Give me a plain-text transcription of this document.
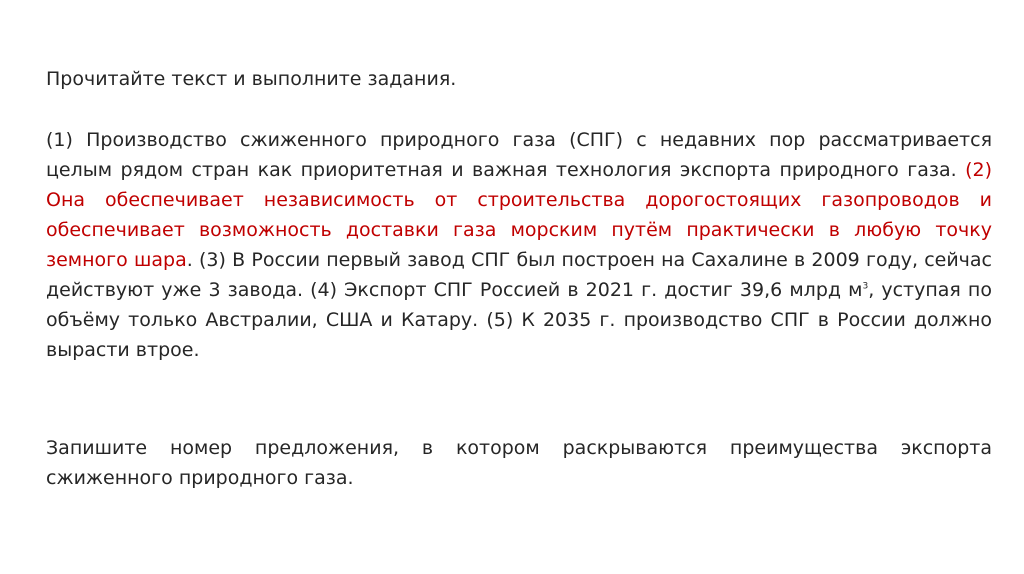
Прочитайте текст и выполните задания.
(1) Производство сжиженного природного газа (СПГ) с недавних пор рассматривается целым рядом стран как приоритетная и важная технология экспорта природного газа. (2) Она обеспечивает независимость от строительства дорогостоящих газопроводов и обеспечивает возможность доставки газа морским путём практически в любую точку земного шара. (3) В России первый завод СПГ был построен на Сахалине в 2009 году, сейчас действуют уже 3 завода. (4) Экспорт СПГ Россией в 2021 г. достиг 39,6 млрд $м^3$, уступая по объёму только Австралии, США и Катару. (5) К 2035 г. производство СПГ в России должно вырасти втрое.
Запишите номер предложения, в котором раскрываются преимущества экспорта сжиженного природного газа.
